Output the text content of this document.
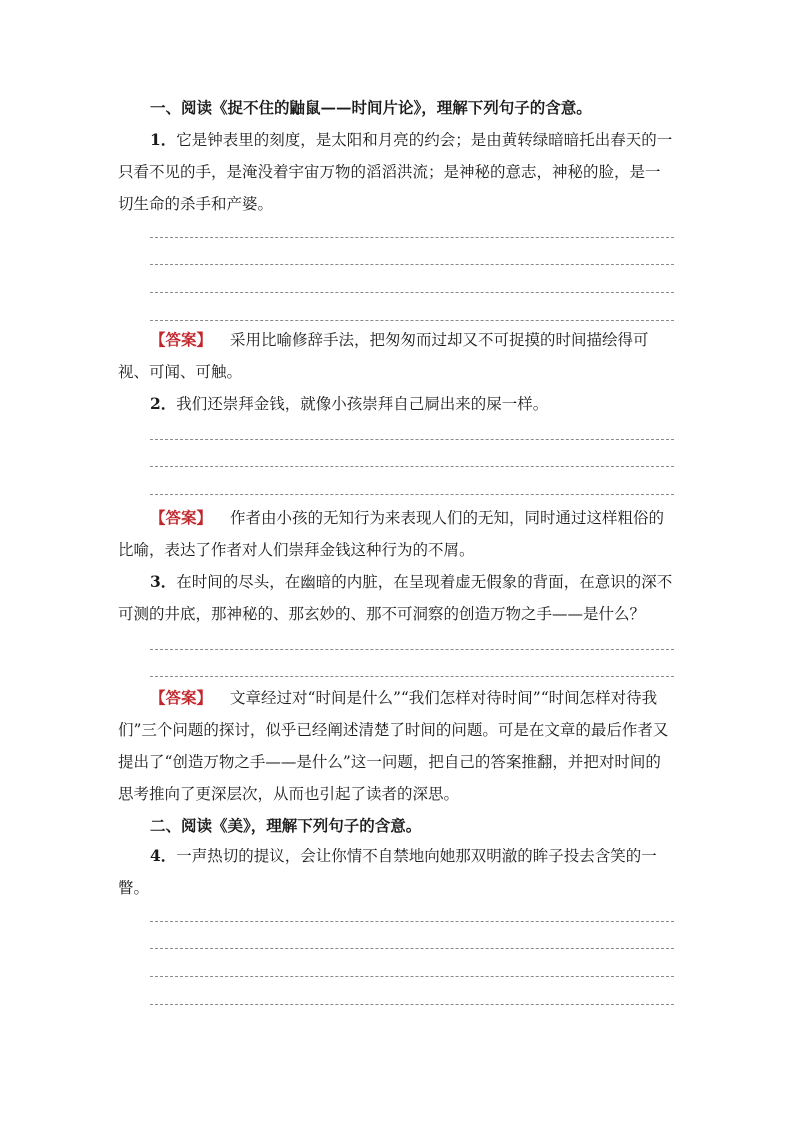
一、阅读《捉不住的鼬鼠——时间片论》，理解下列句子的含意。

1．它是钟表里的刻度，是太阳和月亮的约会；是由黄转绿暗暗托出春天的一只看不见的手，是淹没着宇宙万物的滔滔洪流；是神秘的意志，神秘的脸，是一切生命的杀手和产婆。

【答案】 采用比喻修辞手法，把匆匆而过却又不可捉摸的时间描绘得可视、可闻、可触。

2．我们还崇拜金钱，就像小孩崇拜自己屙出来的屎一样。

【答案】 作者由小孩的无知行为来表现人们的无知，同时通过这样粗俗的比喻，表达了作者对人们崇拜金钱这种行为的不屑。

3．在时间的尽头，在幽暗的内脏，在呈现着虚无假象的背面，在意识的深不可测的井底，那神秘的、那玄妙的、那不可洞察的创造万物之手——是什么？

【答案】 文章经过对“时间是什么”“我们怎样对待时间”“时间怎样对待我们”三个问题的探讨，似乎已经阐述清楚了时间的问题。可是在文章的最后作者又提出了“创造万物之手——是什么”这一问题，把自己的答案推翻，并把对时间的思考推向了更深层次，从而也引起了读者的深思。

二、阅读《美》，理解下列句子的含意。

4．一声热切的提议，会让你情不自禁地向她那双明澈的眸子投去含笑的一瞥。
